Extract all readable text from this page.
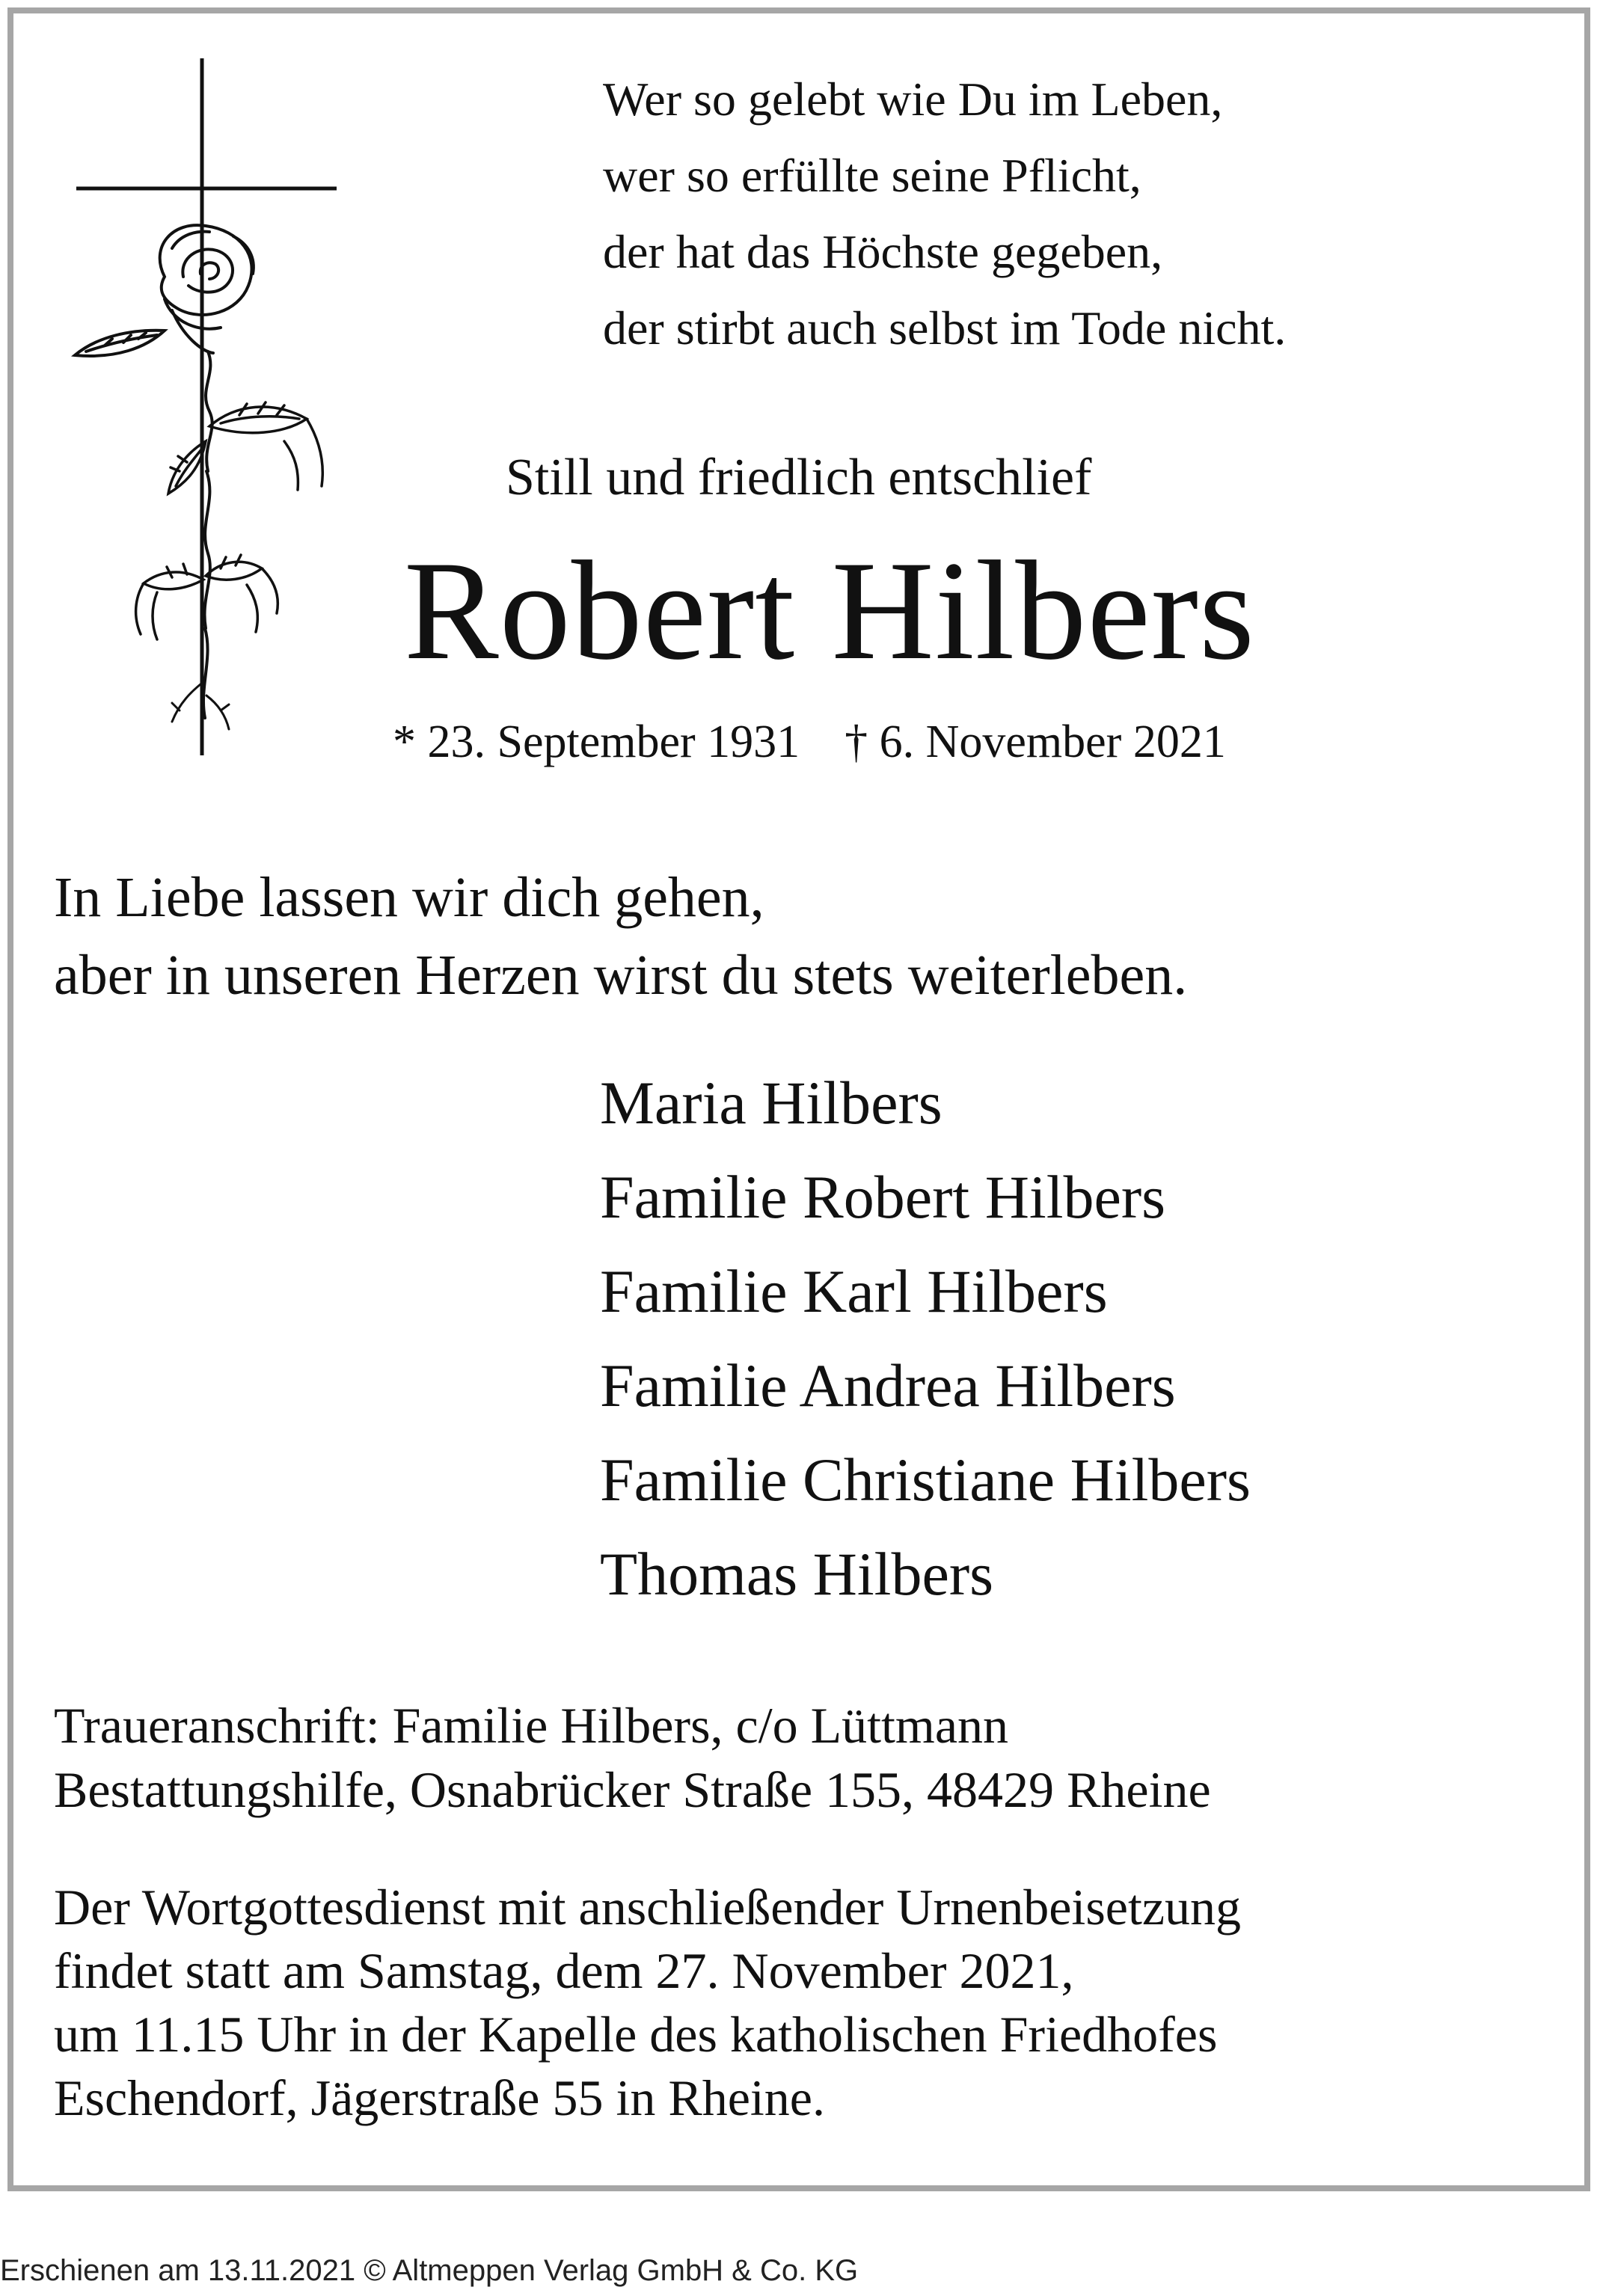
Wer so gelebt wie Du im Leben,
wer so erfüllte seine Pflicht,
der hat das Höchste gegeben,
der stirbt auch selbst im Tode nicht.
Still und friedlich entschlief
Robert Hilbers
* 23. September 1931 † 6. November 2021
In Liebe lassen wir dich gehen,
aber in unseren Herzen wirst du stets weiterleben.
Maria Hilbers
Familie Robert Hilbers
Familie Karl Hilbers
Familie Andrea Hilbers
Familie Christiane Hilbers
Thomas Hilbers
Traueranschrift: Familie Hilbers, c/o Lüttmann
Bestattungshilfe, Osnabrücker Straße 155, 48429 Rheine
Der Wortgottesdienst mit anschließender Urnenbeisetzung
findet statt am Samstag, dem 27. November 2021,
um 11.15 Uhr in der Kapelle des katholischen Friedhofes
Eschendorf, Jägerstraße 55 in Rheine.
Erschienen am 13.11.2021 © Altmeppen Verlag GmbH & Co. KG
